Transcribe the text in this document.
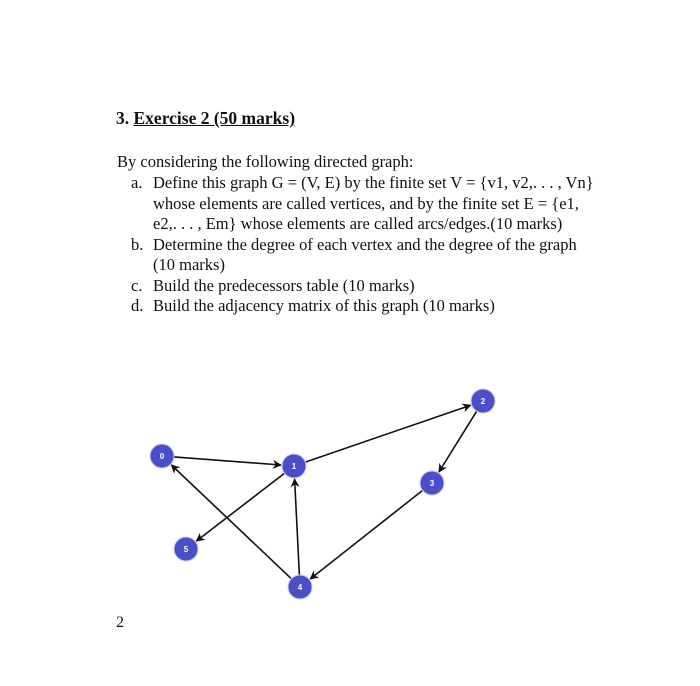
3. Exercise 2 (50 marks)

By considering the following directed graph:

a. Define this graph G = (V, E) by the finite set V = {v1, v2,. . . , Vn} whose elements are called vertices, and by the finite set E = {e1, e2,. . . , Em} whose elements are called arcs/edges.(10 marks)
b. Determine the degree of each vertex and the degree of the graph (10 marks)
c. Build the predecessors table (10 marks)
d. Build the adjacency matrix of this graph (10 marks)
0
1
2
3
4
5
2
